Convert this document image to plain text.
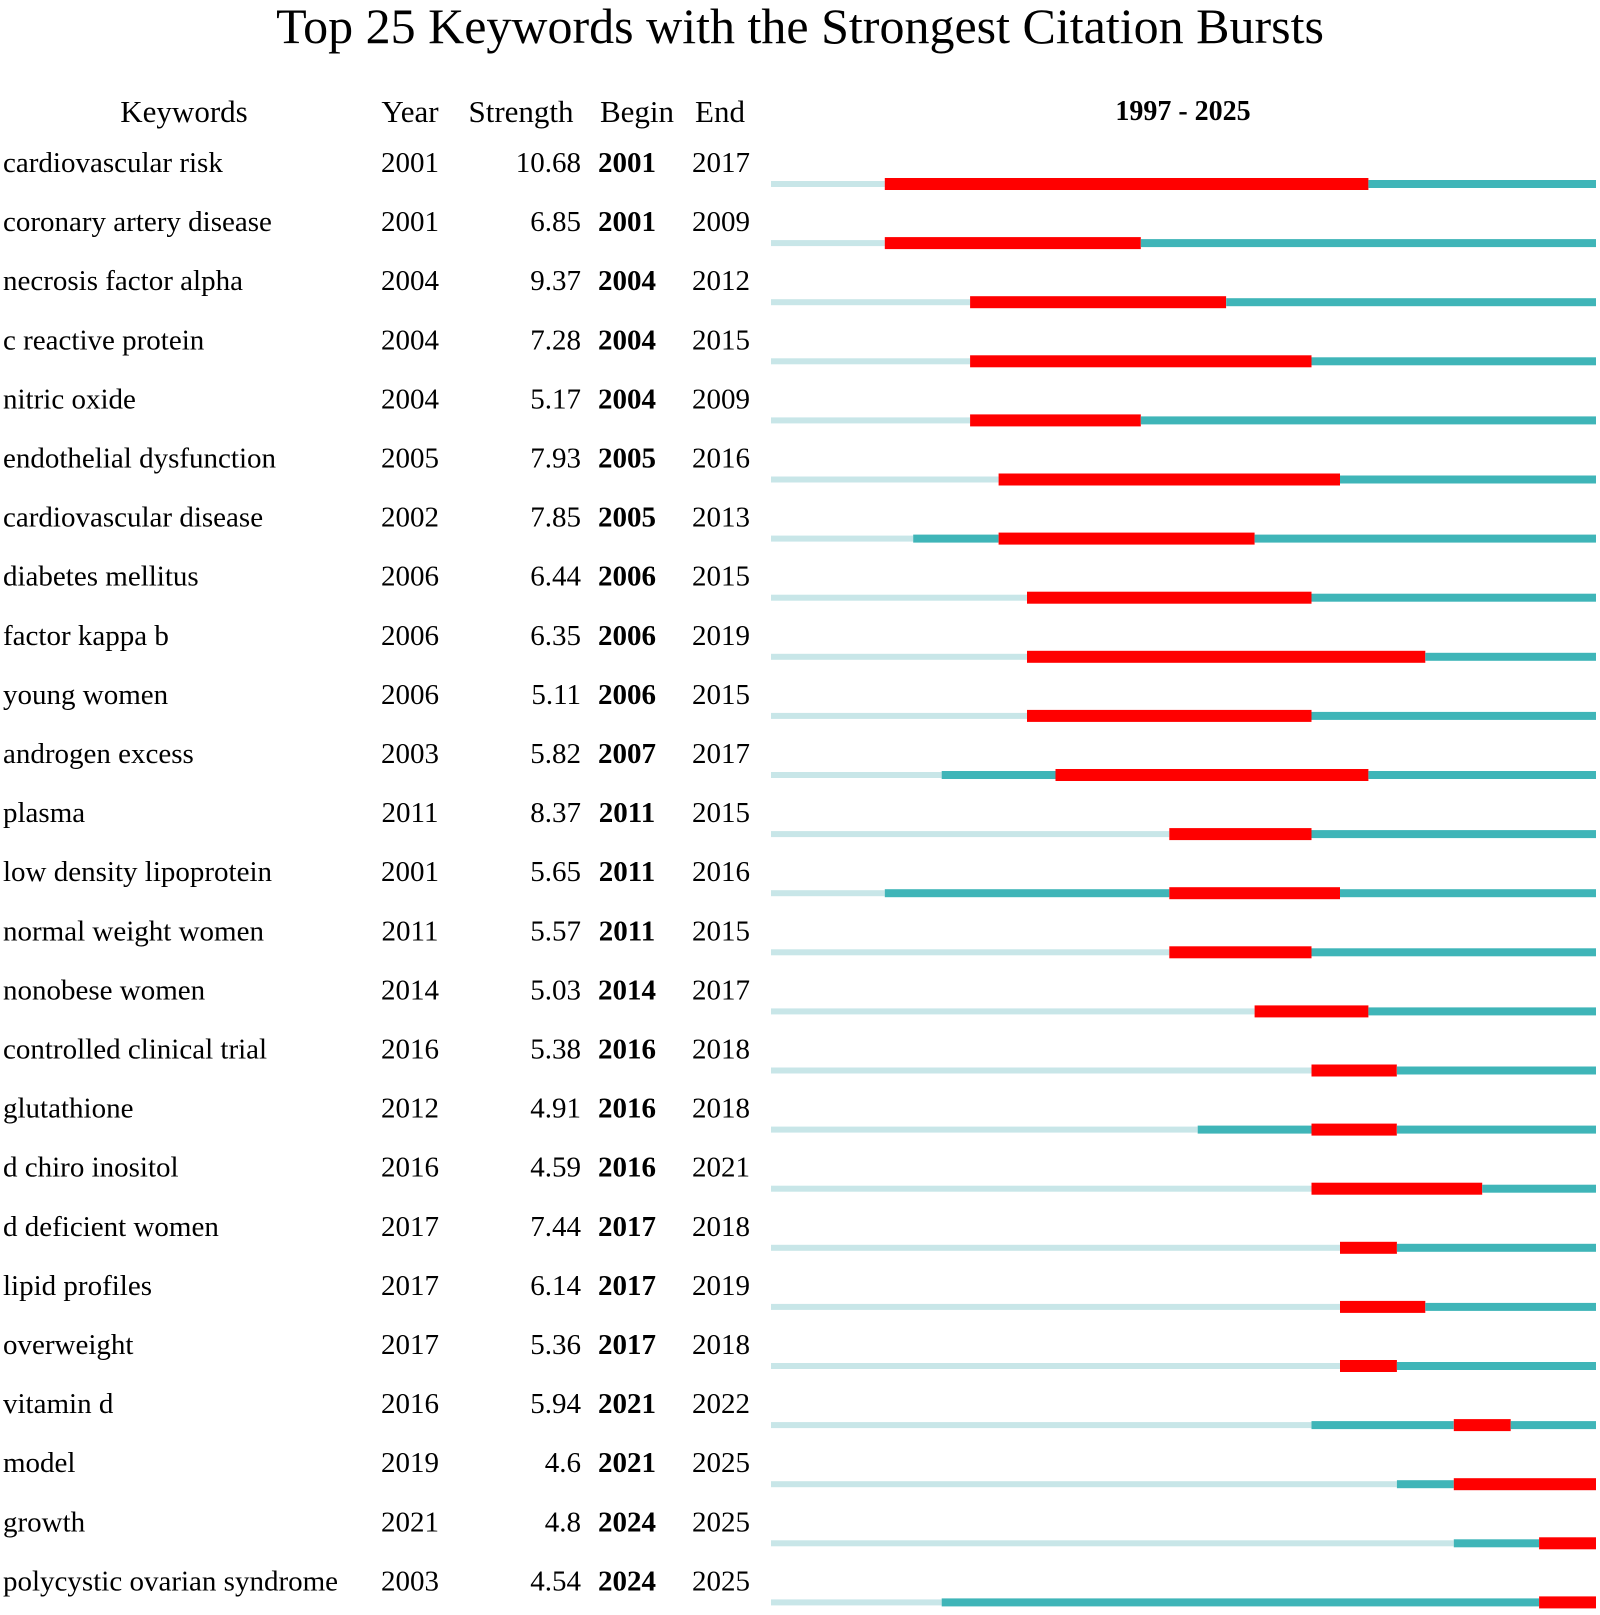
Top 25 Keywords with the Strongest Citation Bursts
Keywords	Year Strength Begin End	1997 - 2025
cardiovascular risk	2001	10.68 2001 2017
coronary artery disease	2001	6.85 2001 2009
necrosis factor alpha	2004	9.37 2004 2012
c reactive protein	2004	7.28 2004 2015
nitric oxide	2004	5.17 2004 2009
endothelial dysfunction	2005	7.93 2005 2016
cardiovascular disease	2002	7.85 2005 2013
diabetes mellitus	2006	6.44 2006 2015
factor kappa b	2006	6.35 2006 2019
young women	2006	5.11 2006 2015
androgen excess	2003	5.82 2007 2017
plasma	2011	8.37 2011 2015
low density lipoprotein	2001	5.65 2011 2016
normal weight women	2011	5.57 2011 2015
nonobese women	2014	5.03 2014 2017
controlled clinical trial	2016	5.38 2016 2018
glutathione	2012	4.91 2016 2018
d chiro inositol	2016	4.59 2016 2021
d deficient women	2017	7.44 2017 2018
lipid profiles	2017	6.14 2017 2019
overweight	2017	5.36 2017 2018
vitamin d	2016	5.94 2021 2022
model	2019	4.6 2021 2025
growth	2021	4.8 2024 2025
polycystic ovarian syndrome 2003	4.54 2024 2025
